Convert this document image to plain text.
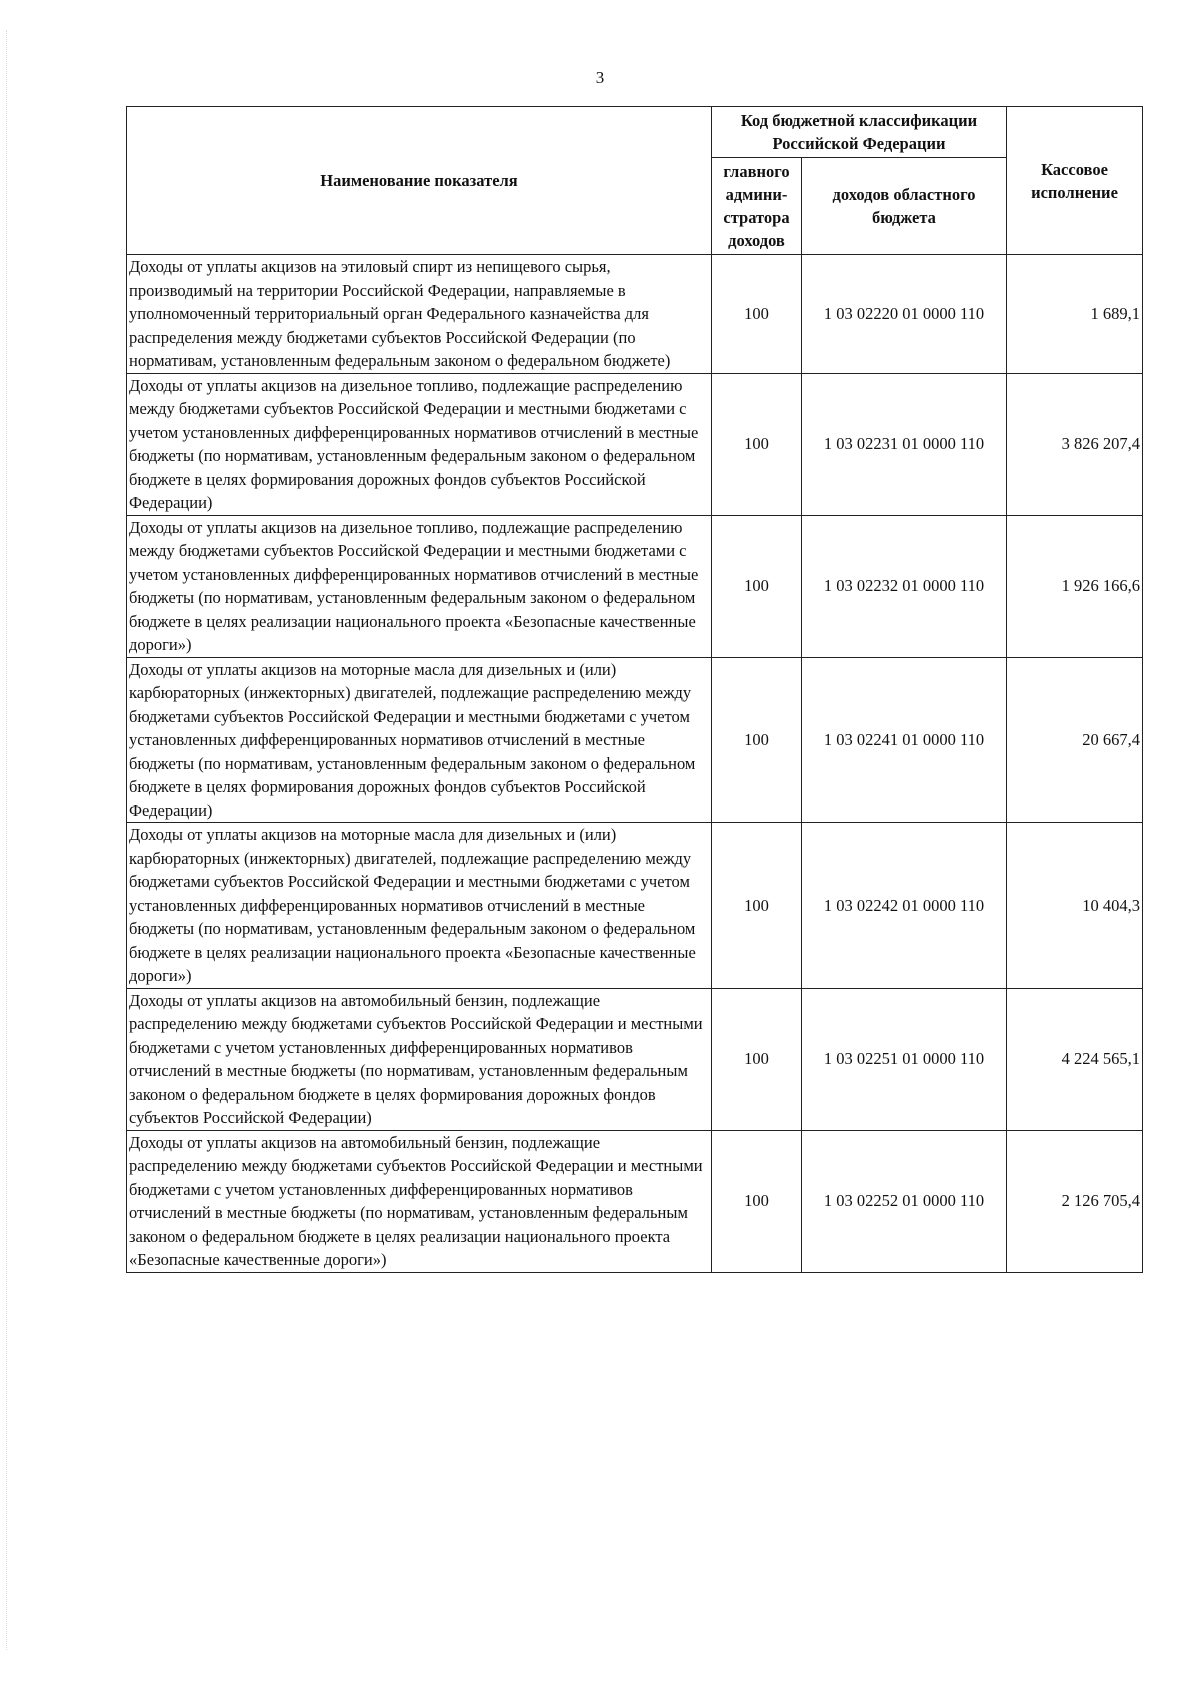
3
Наименование показателя	Код бюджетной классификации Российской Федерации		Кассовое исполнение
	главного админи-стратора доходов	доходов областного бюджета	
Доходы от уплаты акцизов на этиловый спирт из непищевого сырья, производимый на территории Российской Федерации, направляемые в уполномоченный территориальный орган Федерального казначейства для распределения между бюджетами субъектов Российской Федерации (по нормативам, установленным федеральным законом о федеральном бюджете)	100	1 03 02220 01 0000 110	1 689,1
Доходы от уплаты акцизов на дизельное топливо, подлежащие распределению между бюджетами субъектов Российской Федерации и местными бюджетами с учетом установленных дифференцированных нормативов отчислений в местные бюджеты (по нормативам, установленным федеральным законом о федеральном бюджете в целях формирования дорожных фондов субъектов Российской Федерации)	100	1 03 02231 01 0000 110	3 826 207,4
Доходы от уплаты акцизов на дизельное топливо, подлежащие распределению между бюджетами субъектов Российской Федерации и местными бюджетами с учетом установленных дифференцированных нормативов отчислений в местные бюджеты (по нормативам, установленным федеральным законом о федеральном бюджете в целях реализации национального проекта «Безопасные качественные дороги»)	100	1 03 02232 01 0000 110	1 926 166,6
Доходы от уплаты акцизов на моторные масла для дизельных и (или) карбюраторных (инжекторных) двигателей, подлежащие распределению между бюджетами субъектов Российской Федерации и местными бюджетами с учетом установленных дифференцированных нормативов отчислений в местные бюджеты (по нормативам, установленным федеральным законом о федеральном бюджете в целях формирования дорожных фондов субъектов Российской Федерации)	100	1 03 02241 01 0000 110	20 667,4
Доходы от уплаты акцизов на моторные масла для дизельных и (или) карбюраторных (инжекторных) двигателей, подлежащие распределению между бюджетами субъектов Российской Федерации и местными бюджетами с учетом установленных дифференцированных нормативов отчислений в местные бюджеты (по нормативам, установленным федеральным законом о федеральном бюджете в целях реализации национального проекта «Безопасные качественные дороги»)	100	1 03 02242 01 0000 110	10 404,3
Доходы от уплаты акцизов на автомобильный бензин, подлежащие распределению между бюджетами субъектов Российской Федерации и местными бюджетами с учетом установленных дифференцированных нормативов отчислений в местные бюджеты (по нормативам, установленным федеральным законом о федеральном бюджете в целях формирования дорожных фондов субъектов Российской Федерации)	100	1 03 02251 01 0000 110	4 224 565,1
Доходы от уплаты акцизов на автомобильный бензин, подлежащие распределению между бюджетами субъектов Российской Федерации и местными бюджетами с учетом установленных дифференцированных нормативов отчислений в местные бюджеты (по нормативам, установленным федеральным законом о федеральном бюджете в целях реализации национального проекта «Безопасные качественные дороги»)	100	1 03 02252 01 0000 110	2 126 705,4
